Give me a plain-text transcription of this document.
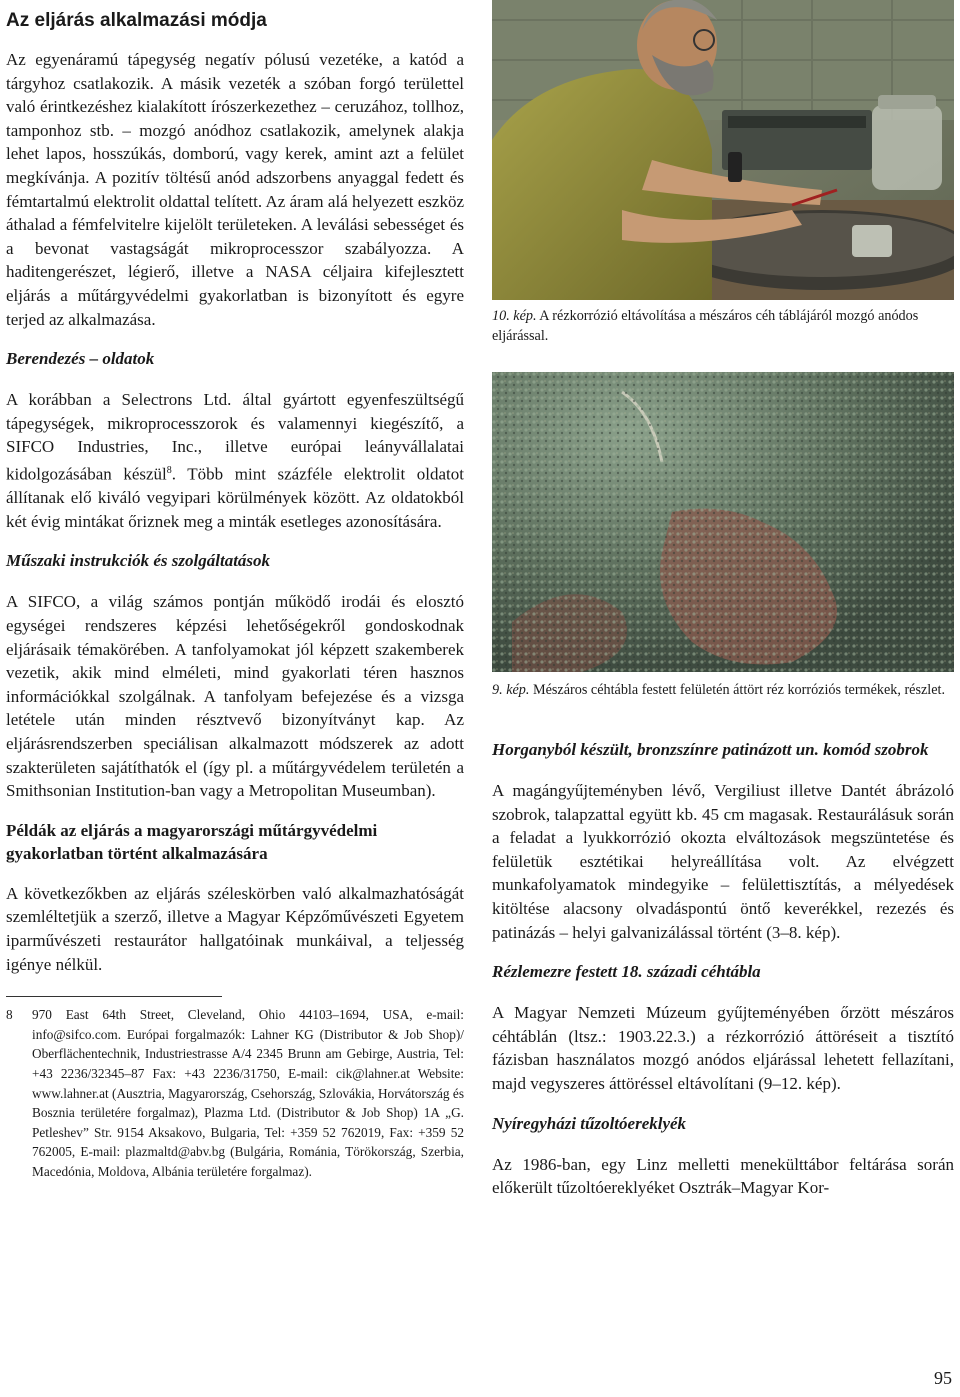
Az eljárás alkalmazási módja

Az egyenáramú tápegység negatív pólusú vezetéke, a katód a tárgyhoz csatlakozik. A másik vezeték a szóban forgó területtel való érintkezéshez kialakított írószerkezethez – ceruzához, tollhoz, tamponhoz stb. – mozgó anódhoz csatlakozik, amelynek alakja lehet lapos, hosszúkás, domború, vagy kerek, amint azt a felület megkívánja. A pozitív töltésű anód adszorbens anyaggal fedett és fémtartalmú elektrolit oldattal telített. Az áram alá helyezett eszköz áthalad a fémfelvitelre kijelölt területeken. A leválási sebességet és a bevonat vastagságát mikroprocesszor szabályozza. A haditengerészet, légierő, illetve a NASA céljaira kifejlesztett eljárás a műtárgyvédelmi gyakorlatban is bizonyított és egyre terjed az alkalmazása.

Berendezés – oldatok

A korábban a Selectrons Ltd. által gyártott egyenfeszültségű tápegységek, mikroprocesszorok és valamennyi kiegészítő, a SIFCO Industries, Inc., illetve európai leányvállalatai kidolgozásában készül$^8$. Több mint százféle elektrolit oldatot állítanak elő kiváló vegyipari körülmények között. Az oldatokból két évig mintákat őriznek meg a minták esetleges azonosítására.

Műszaki instrukciók és szolgáltatások

A SIFCO, a világ számos pontján működő irodái és elosztó egységei rendszeres képzési lehetőségekről gondoskodnak eljárásaik témakörében. A tanfolyamokat jól képzett szakemberek vezetik, akik mind elméleti, mind gyakorlati téren hasznos információkkal szolgálnak. A tanfolyam befejezése és a vizsga letétele után minden résztvevő bizonyítványt kap. Az eljárásrendszerben speciálisan alkalmazott módszerek az adott szakterületen sajátíthatók el (így pl. a műtárgyvédelem területén a Smithsonian Institution-ban vagy a Metropolitan Museumban).

Példák az eljárás a magyarországi műtárgyvédelmi gyakorlatban történt alkalmazására

A következőkben az eljárás széleskörben való alkalmazhatóságát szemléltetjük a szerző, illetve a Magyar Képzőművészeti Egyetem iparművészeti restaurátor hallgatóinak munkáival, a teljesség igénye nélkül.

8 970 East 64th Street, Cleveland, Ohio 44103–1694, USA, e-mail: info@sifco.com. Európai forgalmazók: Lahner KG (Distributor & Job Shop)/ Oberflächentechnik, Industriestrasse A/4 2345 Brunn am Gebirge, Austria, Tel: +43 2236/32345–87 Fax: +43 2236/31750, E-mail: cik@lahner.at Website: www.lahner.at (Ausztria, Magyarország, Csehország, Szlovákia, Horvátország és Bosznia területére forgalmaz), Plazma Ltd. (Distributor & Job Shop) 1A „G. Petleshev” Str. 9154 Aksakovo, Bulgaria, Tel: +359 52 762019, Fax: +359 52 762005, E-mail: plazmaltd@abv.bg (Bulgária, Románia, Törökország, Szerbia, Macedónia, Moldova, Albánia területére forgalmaz).
10. kép. A rézkorrózió eltávolítása a mészáros céh táblájáról mozgó anódos eljárással.
9. kép. Mészáros céhtábla festett felületén áttört réz korróziós termékek, részlet.
Horganyból készült, bronzszínre patinázott un. komód szobrok

A magángyűjteményben lévő, Vergiliust illetve Dantét ábrázoló szobrok, talapzattal együtt kb. 45 cm magasak. Restaurálásuk során a feladat a lyukkorrózió okozta elváltozások megszüntetése és felületük esztétikai helyreállítása volt. Az elvégzett munkafolyamatok mindegyike – felülettisztítás, a mélyedések kitöltése alacsony olvadáspontú öntő keverékkel, rezezés és patinázás – helyi galvanizálással történt (3–8. kép).

Rézlemezre festett 18. századi céhtábla

A Magyar Nemzeti Múzeum gyűjteményében őrzött mészáros céhtáblán (ltsz.: 1903.22.3.) a rézkorrózió áttöréseit a tisztító fázisban használatos mozgó anódos eljárással lehetett fellazítani, majd vegyszeres áttöréssel eltávolítani (9–12. kép).

Nyíregyházi tűzoltóereklyék

Az 1986-ban, egy Linz melletti menekülttábor feltárása során előkerült tűzoltóereklyéket Osztrák–Magyar Kor-

95
